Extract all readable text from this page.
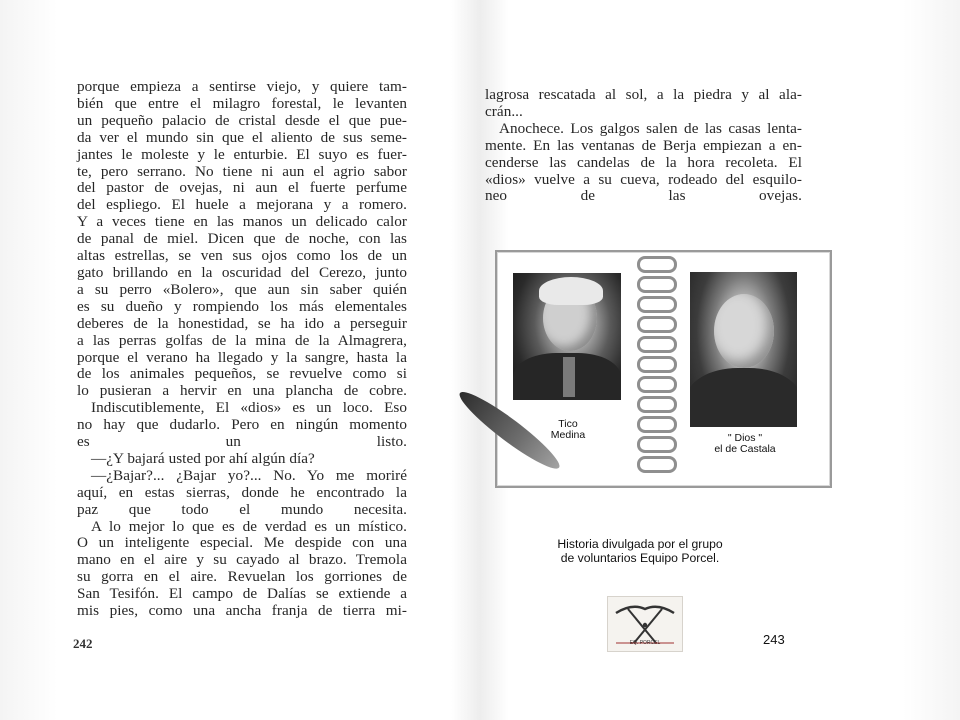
porque empieza a sentirse viejo, y quiere tam-
bién que entre el milagro forestal, le levanten
un pequeño palacio de cristal desde el que pue-
da ver el mundo sin que el aliento de sus seme-
jantes le moleste y le enturbie. El suyo es fuer-
te, pero serrano. No tiene ni aun el agrio sabor
del pastor de ovejas, ni aun el fuerte perfume
del espliego. El huele a mejorana y a romero.
Y a veces tiene en las manos un delicado calor
de panal de miel. Dicen que de noche, con las
altas estrellas, se ven sus ojos como los de un
gato brillando en la oscuridad del Cerezo, junto
a su perro «Bolero», que aun sin saber quién
es su dueño y rompiendo los más elementales
deberes de la honestidad, se ha ido a perseguir
a las perras golfas de la mina de la Almagrera,
porque el verano ha llegado y la sangre, hasta la
de los animales pequeños, se revuelve como si
lo pusieran a hervir en una plancha de cobre.

Indiscutiblemente, El «dios» es un loco. Eso
no hay que dudarlo. Pero en ningún momento
es un listo.

—¿Y bajará usted por ahí algún día?

—¿Bajar?... ¿Bajar yo?... No. Yo me moriré
aquí, en estas sierras, donde he encontrado la
paz que todo el mundo necesita.

A lo mejor lo que es de verdad es un místico.
O un inteligente especial. Me despide con una
mano en el aire y su cayado al brazo. Tremola
su gorra en el aire. Revuelan los gorriones de
San Tesifón. El campo de Dalías se extiende a
mis pies, como una ancha franja de tierra mi-

242

lagrosa rescatada al sol, a la piedra y al ala-
crán...

Anochece. Los galgos salen de las casas lenta-
mente. En las ventanas de Berja empiezan a en-
cenderse las candelas de la hora recoleta. El
«dios» vuelve a su cueva, rodeado del esquilo-
neo de las ovejas.

Tico
Medina	" Dios "
el de Castala
Historia divulgada por el grupo
de voluntarios Equipo Porcel.
EQ. PORCEL	243
